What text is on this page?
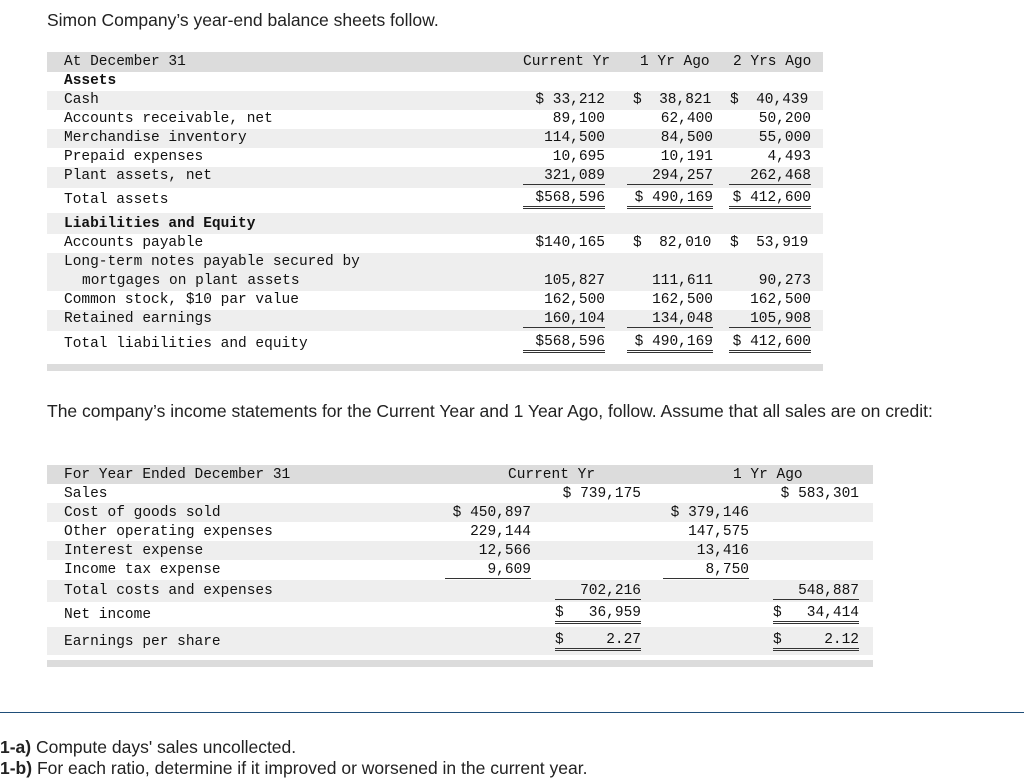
Simon Company’s year-end balance sheets follow.
At December 31	Current Yr 1 Yr Ago 2 Yrs Ago
Assets
Cash	$ 33,212 $  38,821 $  40,439
Accounts receivable, net	89,100	62,400	50,200
Merchandise inventory	114,500	84,500	55,000
Prepaid expenses	10,695	10,191	4,493
Plant assets, net	321,089	294,257	262,468
Total assets	$568,596	$ 490,169 $ 412,600
Liabilities and Equity
Accounts payable	$140,165 $  82,010 $  53,919
Long-term notes payable secured by
mortgages on plant assets	105,827	111,611	90,273
Common stock, $10 par value	162,500	162,500	162,500
Retained earnings	160,104	134,048	105,908
Total liabilities and equity	$568,596	$ 490,169 $ 412,600
The company’s income statements for the Current Year and 1 Year Ago, follow. Assume that all sales are on credit:
For Year Ended December 31	Current Yr	1 Yr Ago
Sales	$ 739,175	$ 583,301
Cost of goods sold	$ 450,897	$ 379,146
Other operating expenses	229,144	147,575
Interest expense	12,566	13,416
Income tax expense	9,609	8,750
Total costs and expenses	702,216	548,887
Net income	$ 36,959	$ 34,414
Earnings per share	$	2.27	$	2.12
1-a) Compute days' sales uncollected.
1-b) For each ratio, determine if it improved or worsened in the current year.
